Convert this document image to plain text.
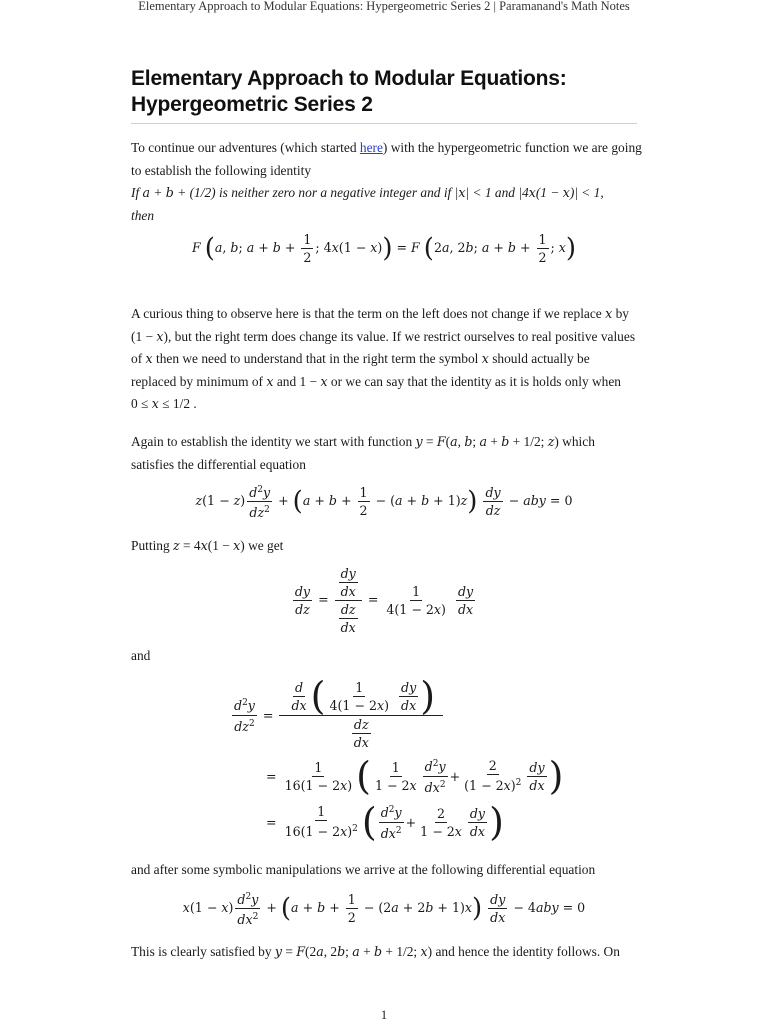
Elementary Approach to Modular Equations: Hypergeometric Series 2 | Paramanand's Math Notes
Elementary Approach to Modular Equations:
Hypergeometric Series 2

To continue our adventures (which started here) with the hypergeometric function we are going

to establish the following identity

If a + b + (1/2) is neither zero nor a negative integer and if |x| < 1 and |4x(1 − x)| < 1,

then

F (a, b; $a + b + \frac{1}{2}$ ; 4x(1 − x)) = F (2a, 2b; $a + b + \frac{1}{2}$ ; x)

A curious thing to observe here is that the term on the left does not change if we replace x by

(1 − x), but the right term does change its value. If we restrict ourselves to real positive values

of x then we need to understand that in the right term the symbol x should actually be

replaced by minimum of x and 1 − x or we can say that the identity as it is holds only when

0 ≤ x ≤ 1/2 .

Again to establish the identity we start with function y = F(a, b; a + b + 1/2; z) which

satisfies the differential equation

$z(1 - z) \frac{d^2y}{dz^2} + (a + b + \frac{1}{2} - (a + b + 1)z) \frac{dy}{dz}$ − aby = 0

Putting z = 4x(1 − x) we get

$\frac{dy}{dz} = \frac{\frac{dy}{dx}}{\frac{dz}{dx}} = \frac{1}{4(1 - 2x)}$
$\frac{dy}{dx}$

and

$\frac{d^2y}{dz^2} = \frac{d}{dx}$ ( $\frac{1}{4(1 - 2x)}$
$\frac{dy}{dx}$ )
$\frac{dz}{dx}$
= $\frac{1}{16(1 - 2x)}$ ( $\frac{1}{1 - 2x} \frac{d^2y}{dx^2} + \frac{2}{(1 - 2x)^2} \frac{dy}{dx}$ )
= $\frac{1}{16(1 - 2x)^2}$ ( $\frac{d^2y}{dx^2} + \frac{2}{1 - 2x} \frac{dy}{dx}$ )

and after some symbolic manipulations we arrive at the following differential equation

$x(1 - x) \frac{d^2y}{dx^2} + (a + b + \frac{1}{2} - (2a + 2b + 1)x) \frac{dy}{dx} - 4aby = 0$

This is clearly satisfied by y = F(2a, 2b; a + b + 1/2; x) and hence the identity follows. On

1
